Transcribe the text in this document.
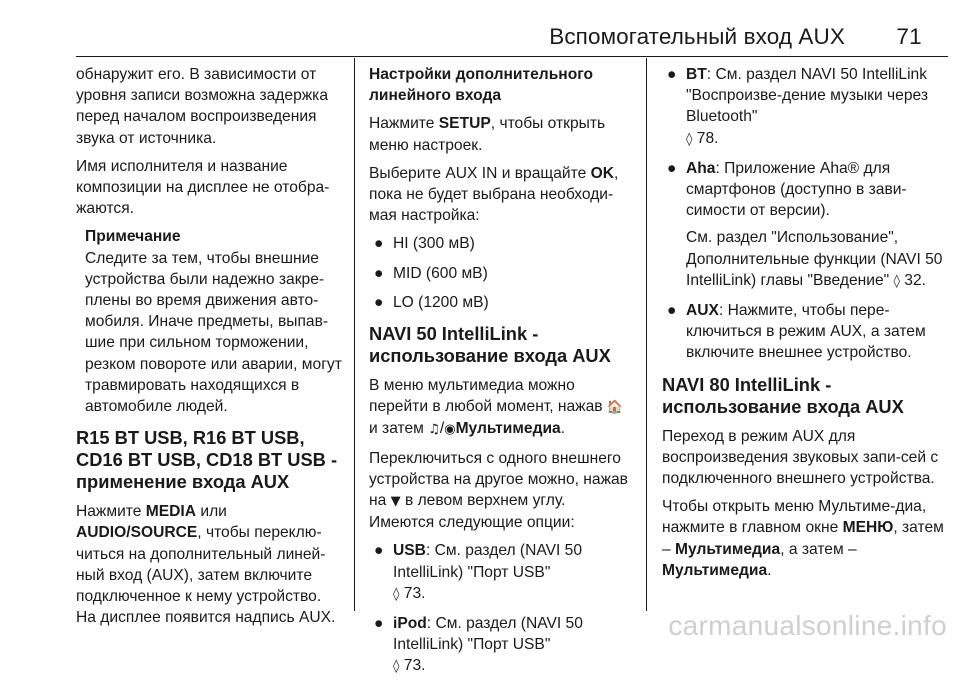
Вспомогательный вход AUX 71

обнаружит его. В зависимости от уровня записи возможна задержка перед началом воспроизведения звука от источника.

Имя исполнителя и название композиции на дисплее не отобра-жаются.

Примечание

Следите за тем, чтобы внешние устройства были надежно закре-плены во время движения авто-мобиля. Иначе предметы, выпав-шие при сильном торможении, резком повороте или аварии, могут травмировать находящихся в автомобиле людей.

R15 BT USB, R16 BT USB, CD16 BT USB, CD18 BT USB - применение входа AUX

Нажмите MEDIA или
AUDIO/SOURCE, чтобы переклю-читься на дополнительный линей-ный вход (AUX), затем включите подключенное к нему устройство. На дисплее появится надпись AUX.

Настройки дополнительного линейного входа

Нажмите SETUP, чтобы открыть меню настроек.

Выберите AUX IN и вращайте OK, пока не будет выбрана необходи-мая настройка:

● HI (300 мВ)
● MID (600 мВ)
● LO (1200 мВ)
NAVI 50 IntelliLink - использование входа AUX

В меню мультимедиа можно перейти в любой момент, нажав 🏠
и затем ♫/◉Мультимедиа.

Переключиться с одного внешнего устройства на другое можно, нажав на ▼ в левом верхнем углу.

Имеются следующие опции:

● USB: См. раздел (NAVI 50 IntelliLink) "Порт USB"
◊ 73.
● iPod: См. раздел (NAVI 50 IntelliLink) "Порт USB"
◊ 73.
● BT: См. раздел NAVI 50 IntelliLink "Воспроизве-дение музыки через Bluetooth"
◊ 78.
● Aha: Приложение Aha® для смартфонов (доступно в зави-симости от версии).
См. раздел "Использование", Дополнительные функции (NAVI 50 IntelliLink) главы "Введение" ◊ 32.
● AUX: Нажмите, чтобы пере-ключиться в режим AUX, а затем включите внешнее устройство.
NAVI 80 IntelliLink - использование входа AUX

Переход в режим AUX для воспроизведения звуковых запи-сей с подключенного внешнего устройства.

Чтобы открыть меню Мультиме-диа, нажмите в главном окне МЕНЮ, затем – Мультимедиа, а затем – Мультимедиа.

carmanualsonline.info
